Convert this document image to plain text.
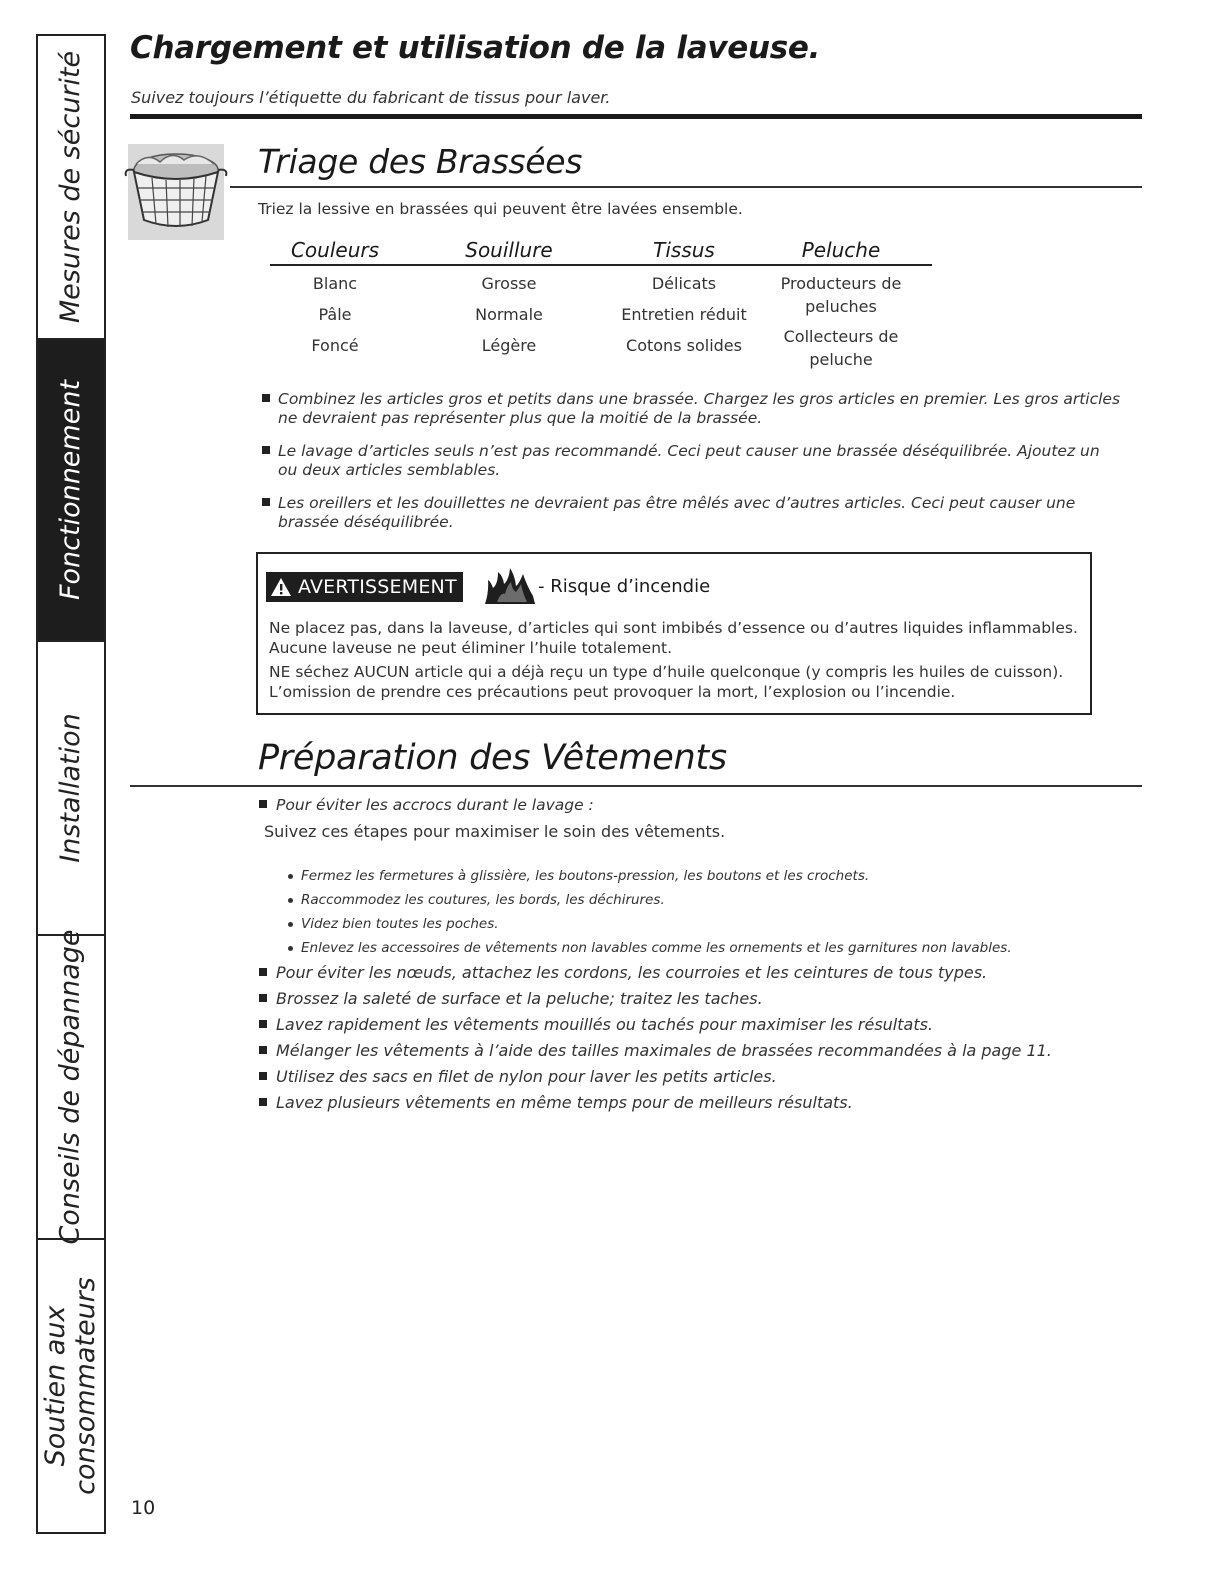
Mesures de sécurité
Fonctionnement
Installation
Conseils de dépannage
Soutien aux
consommateurs
Chargement et utilisation de la laveuse.
Suivez toujours l’étiquette du fabricant de tissus pour laver.
Triage des Brassées
Triez la lessive en brassées qui peuvent être lavées ensemble.
Couleurs
Blanc
Pâle
Foncé
Souillure
Grosse
Normale
Légère
Tissus
Délicats
Entretien réduit
Cotons solides
Peluche
Producteurs de peluches
Collecteurs de peluche
Combinez les articles gros et petits dans une brassée. Chargez les gros articles en premier. Les gros articles ne devraient pas représenter plus que la moitié de la brassée.
Le lavage d’articles seuls n’est pas recommandé. Ceci peut causer une brassée déséquilibrée. Ajoutez un ou deux articles semblables.
Les oreillers et les douillettes ne devraient pas être mêlés avec d’autres articles. Ceci peut causer une brassée déséquilibrée.
AVERTISSEMENT	- Risque d’incendie

Ne placez pas, dans la laveuse, d’articles qui sont imbibés d’essence ou d’autres liquides inflammables. Aucune laveuse ne peut éliminer l’huile totalement.

NE séchez AUCUN article qui a déjà reçu un type d’huile quelconque (y compris les huiles de cuisson). L’omission de prendre ces précautions peut provoquer la mort, l’explosion ou l’incendie.

Préparation des Vêtements
Pour éviter les accrocs durant le lavage :
Suivez ces étapes pour maximiser le soin des vêtements.
Fermez les fermetures à glissière, les boutons-pression, les boutons et les crochets.
Raccommodez les coutures, les bords, les déchirures.
Videz bien toutes les poches.
Enlevez les accessoires de vêtements non lavables comme les ornements et les garnitures non lavables.
Pour éviter les nœuds, attachez les cordons, les courroies et les ceintures de tous types.
Brossez la saleté de surface et la peluche; traitez les taches.
Lavez rapidement les vêtements mouillés ou tachés pour maximiser les résultats.
Mélanger les vêtements à l’aide des tailles maximales de brassées recommandées à la page 11.
Utilisez des sacs en filet de nylon pour laver les petits articles.
Lavez plusieurs vêtements en même temps pour de meilleurs résultats.
10
